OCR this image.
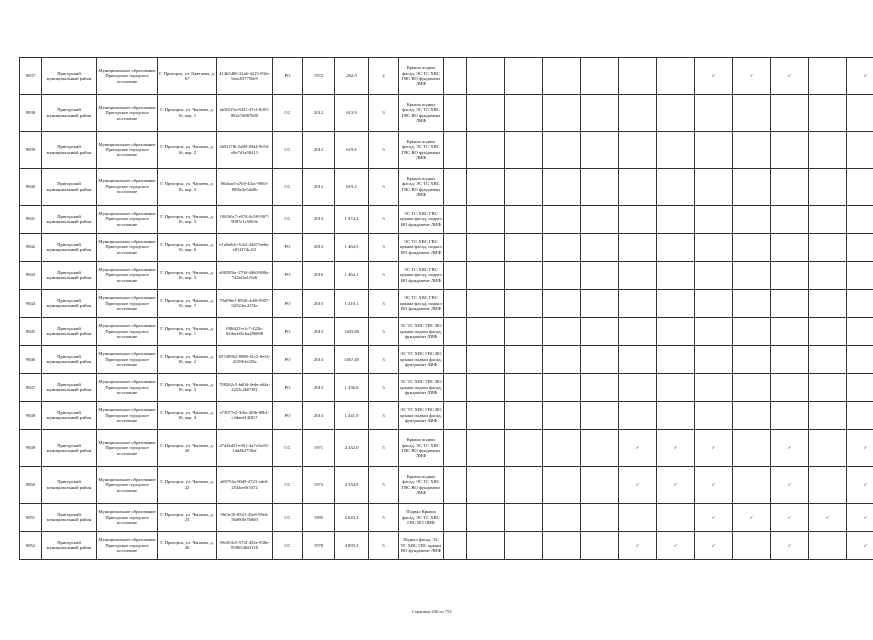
9837	Пригорский муниципальный район	Муниципальное образование Пригорское городское поселение	Г. Пригорск, ул. Цветаева, д. 67	414b5486-32a6-4215-93fe-9aac837756e9	РО	1972	262,9	2	Крыша подвал фасад, ЭС ТС ХВС ГВС ВО фундамент ЛИФ								✓	✓	✓		✓
9838	Пригорский муниципальный район	Муниципальное образование Пригорское городское поселение	Г. Пригорск, ул. Чапаева, д. 16, кор. 1	eb561f5a-8431-47cf-8c83-882e7d987b00	СС	2012	613,9	3	Крыша подвал фасад, ЭС ТС ХВС ГВС ВО фундамент ЛИФ												
9839	Пригорский муниципальный район	Муниципальное образование Пригорское городское поселение	Г. Пригорск, ул. Чапаева, д. 16, кор. 2	2b91f7f6-5a88-49d4-9e54-e8e7d1a38413	СС	2012	619,6	3	Крыша подвал фасад, ЭС ТС ХВС ГВС ВО фундамент ЛИФ												
9840	Пригорский муниципальный район	Муниципальное образование Пригорское городское поселение	Г. Пригорск, ул. Чапаева, д. 16, кор. 3	06daacf-a7b9-43ac-9863-f986e3e5da0b	СС	2012	619,2	3	Крыша подвал фасад, ЭС ТС ХВС ГВС ВО фундамент ЛИФ												
9841	Пригорский муниципальный район	Муниципальное образование Пригорское городское поселение	Г. Пригорск, ул. Чапаева, д. 16, кор. 5	10b5f6c7-e974-4c58-93f7-9087e1c5063e	СС	2013	1 474,4	3	ЭС ТС ХВС ГВС крыша фасад, подвал ВО фундамент ЛИФ												
9842	Пригорский муниципальный район	Муниципальное образование Пригорское городское поселение	Г. Пригорск, ул. Чапаева, д. 16, кор. 6	e1a0a8cb-3cb2-44d7-be6a-e81f37dc1f2	РО	2013	1 464,5	3	ЭС ТС ХВС ГВС крыша фасад, подвал ВО фундамент ЛИФ												
9843	Пригорский муниципальный район	Муниципальное образование Пригорское городское поселение	Г. Пригорск, ул. Чапаева, д. 16, кор. 5	a98295fa-1794-4460-800a-742ef4a1f5e6	РО	2016	1 464,1	3	ЭС ТС ХВС ГВС крыша фасад, подвал ВО фундамент ЛИФ												
9844	Пригорский муниципальный район	Муниципальное образование Пригорское городское поселение	Г. Пригорск, ул. Чапаева, д. 16, кор. 7	79af96e1-8926-4c68-9507-02524ec2f74e	РО	2015	1 410,1	3	ЭС ТС ХВС ГВС крыша фасад, подвал ВО фундамент ЛИФ												
9845	Пригорский муниципальный район	Муниципальное образование Пригорское городское поселение	Г. Пригорск, ул. Чапаева, д. 18, кор. 1	f98fd23-e1c7-422b-82dacef6cba286698	РО	2013	1403,80	3	ЭС ТС ХВС ГВС ВО крыша подвал фасад, фундамент ЛИФ												
9846	Пригорский муниципальный район	Муниципальное образование Пригорское городское поселение	Г. Пригорск, ул. Чапаева, д. 18, кор. 2	657d9962-8989-41c2-9e34-415961ef29a	РО	2013	1467,40	3	ЭС ТС ХВС ГВС ВО крыша подвал фасад, фундамент ЛИФ												
9847	Пригорский муниципальный район	Муниципальное образование Пригорское городское поселение	Г. Пригорск, ул. Чапаева, д. 18, кор. 3	708262c5-bd0d-4ede-a64a-2253c2b07f81	РО	2013	1 436,6	3	ЭС ТС ХВС ГВС ВО крыша подвал фасад, фундамент ЛИФ												
9848	Пригорский муниципальный район	Муниципальное образование Пригорское городское поселение	Г. Пригорск, ул. Чапаева, д. 18, кор. 4	e73077e2-3f6a-4f0b-80b1-c3daed14f817	РО	2013	1 441,0	3	ЭС ТС ХВС ГВС ВО крыша подвал фасад, фундамент ЛИФ												
9849	Пригорский муниципальный район	Муниципальное образование Пригорское городское поселение	Г. Пригорск, ул. Чапаева, д. 20	47d2bd5f-e361-4a7a-be51-1dd4b3758af	СС	1971	4 432,0	5	Крыша подвал фасад, ЭС ТС ХВС ГВС ВО фундамент ЛИФ						✓	✓	✓		✓		✓
9850	Пригорский муниципальный район	Муниципальное образование Пригорское городское поселение	Г. Пригорск, ул. Чапаева, д. 22	a69754a-90d9-4723-adc6-2544ee0f3372	СС	1973	4 534,9	5	Крыша подвал фасад, ЭС ТС ХВС ГВС ВО фундамент ЛИФ						✓	✓	✓		✓		✓
9851	Пригорский муниципальный район	Муниципальное образование Пригорское городское поселение	Г. Пригорск, ул. Чапаева, д. 23	96f3e10-8531-45e8-99ed-56d90fe7b0d0	СС	1995	3 643,3	5	Подвал Крыша фасад, ЭС ТС ХВС ГВС ВО ЛИФ								✓	✓	✓	✓	✓
9852	Пригорский муниципальный район	Муниципальное образование Пригорское городское поселение	Г. Пригорск, ул. Чапаева, д. 26	39e263c5-57f3-452e-938e-8580346d1f18	СС	1978	4 893,3	5	Подвал фасад, ЭС ТС ХВС ГВС крыша ВО фундамент ЛИФ						✓	✓	✓		✓		✓
Страница 636 из 753
